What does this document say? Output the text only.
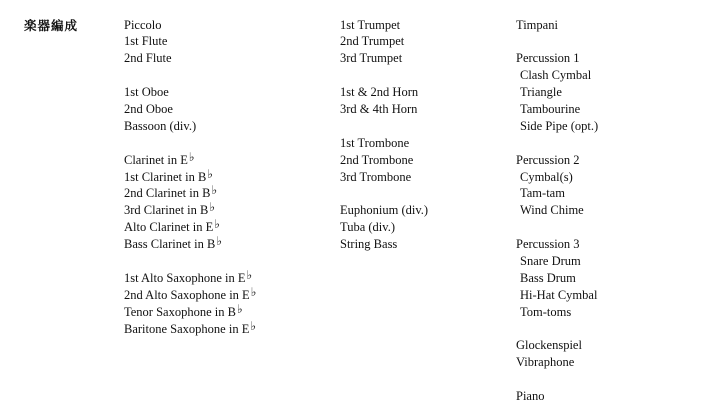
楽器編成	Piccolo
1st Flute
2nd Flute
1st Oboe
2nd Oboe
Bassoon (div.)
Clarinet in E♭
1st Clarinet in B♭
2nd Clarinet in B♭
3rd Clarinet in B♭
Alto Clarinet in E♭
Bass Clarinet in B♭
1st Alto Saxophone in E♭
2nd Alto Saxophone in E♭
Tenor Saxophone in B♭
Baritone Saxophone in E♭
1st Trumpet
2nd Trumpet
3rd Trumpet
1st & 2nd Horn
3rd & 4th Horn
1st Trombone
2nd Trombone
3rd Trombone
Euphonium (div.)
Tuba (div.)
String Bass
Timpani
Percussion 1
Clash Cymbal
Triangle
Tambourine
Side Pipe (opt.)
Percussion 2
Cymbal(s)
Tam-tam
Wind Chime
Percussion 3
Snare Drum
Bass Drum
Hi-Hat Cymbal
Tom-toms
Glockenspiel
Vibraphone
Piano
